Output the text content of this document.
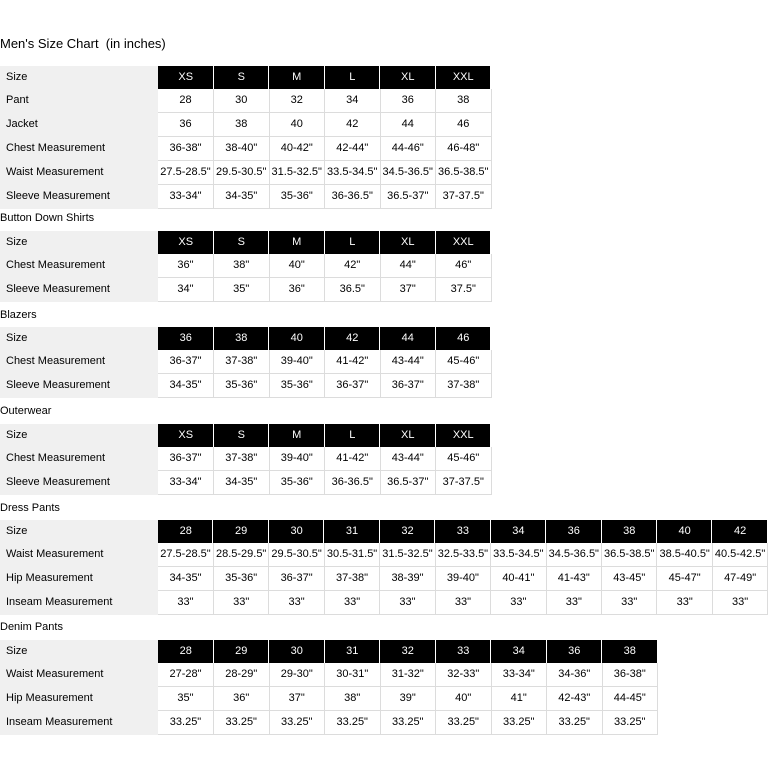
Men's Size Chart  (in inches)
Size	XS	S	M	L	XL	XXL
Pant	28	30	32	34	36	38
Jacket	36	38	40	42	44	46
Chest Measurement	36-38"	38-40"	40-42"	42-44"	44-46"	46-48"
Waist Measurement	27.5-28.5"	29.5-30.5"	31.5-32.5"	33.5-34.5"	34.5-36.5"	36.5-38.5"
Sleeve Measurement	33-34"	34-35"	35-36"	36-36.5"	36.5-37"	37-37.5"
Button Down Shirts
Size	XS	S	M	L	XL	XXL
Chest Measurement	36"	38"	40"	42"	44"	46"
Sleeve Measurement	34"	35"	36"	36.5"	37"	37.5"
Blazers
Size	36	38	40	42	44	46
Chest Measurement	36-37"	37-38"	39-40"	41-42"	43-44"	45-46"
Sleeve Measurement	34-35"	35-36"	35-36"	36-37"	36-37"	37-38"
Outerwear
Size	XS	S	M	L	XL	XXL
Chest Measurement	36-37"	37-38"	39-40"	41-42"	43-44"	45-46"
Sleeve Measurement	33-34"	34-35"	35-36"	36-36.5"	36.5-37"	37-37.5"
Dress Pants
Size	28	29	30	31	32	33	34	36	38	40	42
Waist Measurement	27.5-28.5"	28.5-29.5"	29.5-30.5"	30.5-31.5"	31.5-32.5"	32.5-33.5"	33.5-34.5"	34.5-36.5"	36.5-38.5"	38.5-40.5"	40.5-42.5"
Hip Measurement	34-35"	35-36"	36-37"	37-38"	38-39"	39-40"	40-41"	41-43"	43-45"	45-47"	47-49"
Inseam Measurement	33"	33"	33"	33"	33"	33"	33"	33"	33"	33"	33"
Denim Pants
Size	28	29	30	31	32	33	34	36	38
Waist Measurement	27-28"	28-29"	29-30"	30-31"	31-32"	32-33"	33-34"	34-36"	36-38"
Hip Measurement	35"	36"	37"	38"	39"	40"	41"	42-43"	44-45"
Inseam Measurement	33.25"	33.25"	33.25"	33.25"	33.25"	33.25"	33.25"	33.25"	33.25"
